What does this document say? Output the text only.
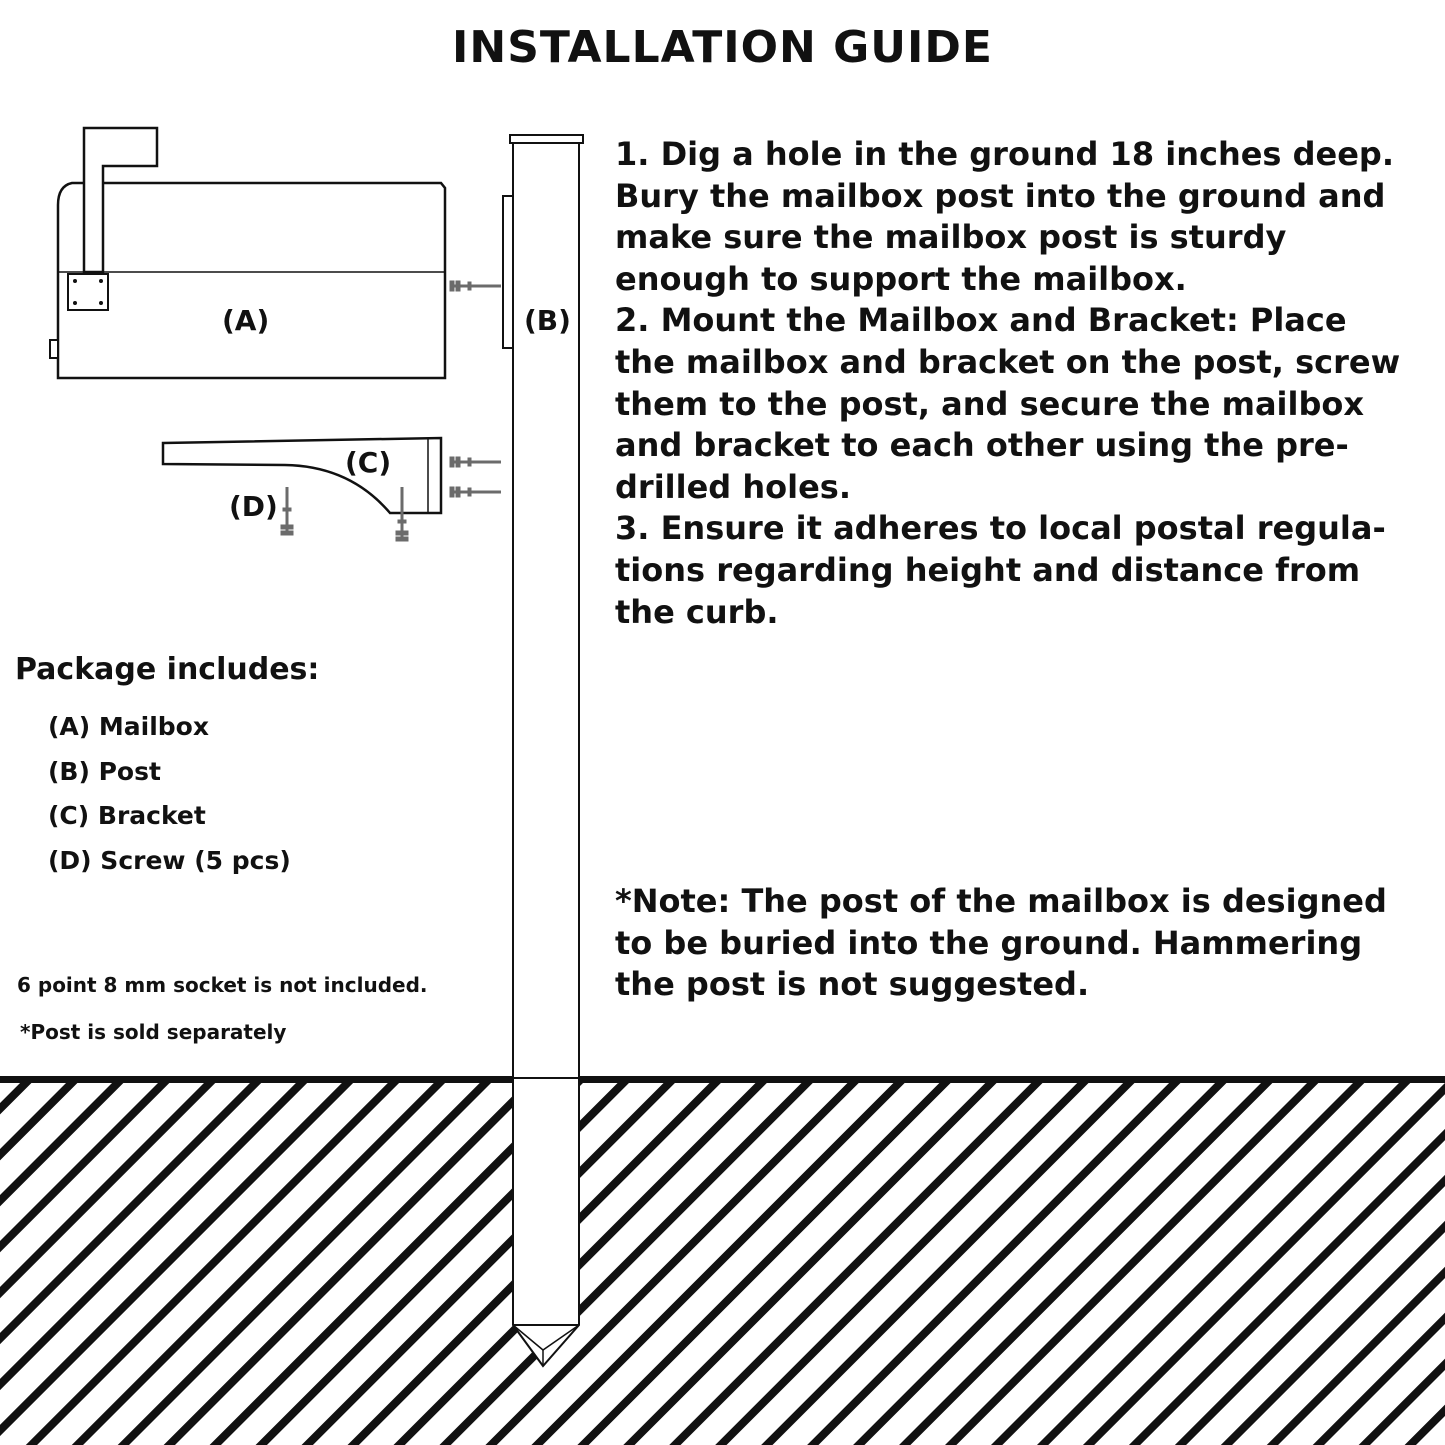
INSTALLATION GUIDE
(A)	(B)
(C)
(D)

1. Dig a hole in the ground 18 inches deep. Bury the mailbox post into the ground and make sure the mailbox post is sturdy enough to support the mailbox.

2. Mount the Mailbox and Bracket: Place the mailbox and bracket on the post, screw them to the post, and secure the mailbox and bracket to each other using the pre-drilled holes.

3. Ensure it adheres to local postal regula-tions regarding height and distance from the curb.

*Note: The post of the mailbox is designed to be buried into the ground. Hammering the post is not suggested.
Package includes:
(A) Mailbox
(B) Post
(C) Bracket
(D) Screw (5 pcs)
6 point 8 mm socket is not included.
*Post is sold separately
